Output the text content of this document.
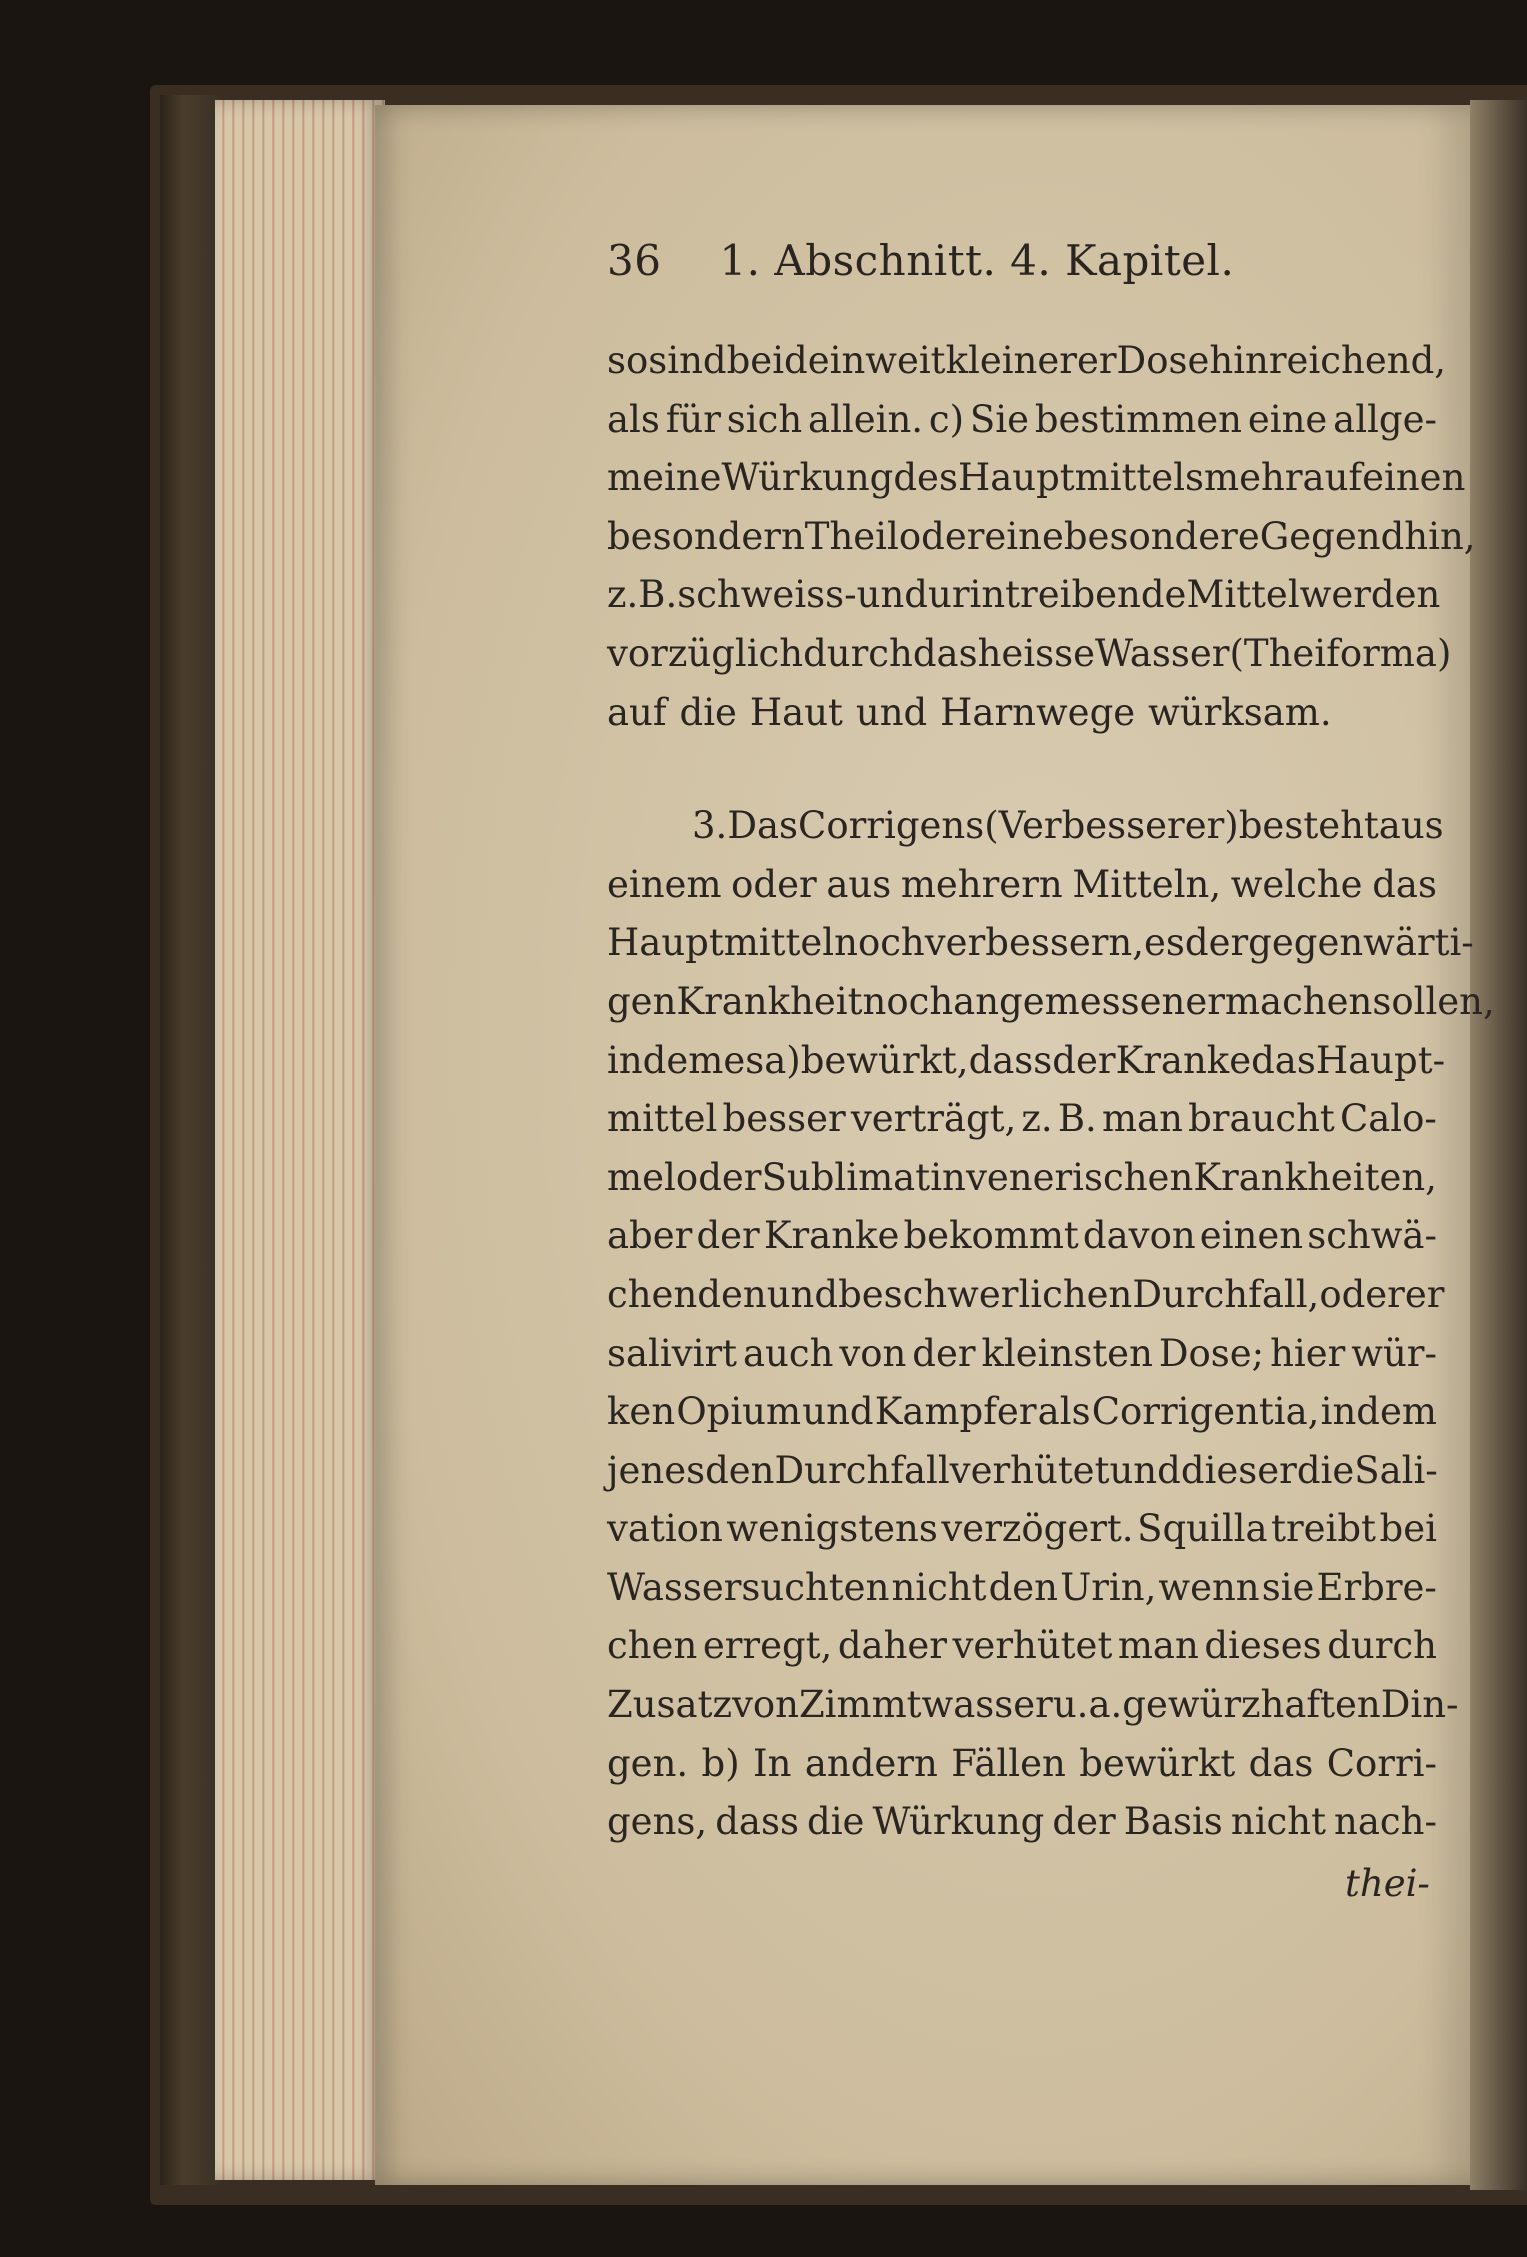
36 1. Abschnitt. 4. Kapitel.
so sind beide in weit kleinerer Dose hinreichend,
als für sich allein. c) Sie bestimmen eine allge-
meine Würkung des Hauptmittels mehr auf einen
besondern Theil oder eine besondere Gegend hin,
z. B. schweiss- und urintreibende Mittel werden
vorzüglich durch das heisse Wasser (Theiforma)
auf die Haut und Harnwege würksam.
3. Das Corrigens (Verbesserer) besteht aus
einem oder aus mehrern Mitteln, welche das
Hauptmittel noch verbessern, es der gegenwärti-
gen Krankheit noch angemessener machen sollen,
indem es a) bewürkt, dass der Kranke das Haupt-
mittel besser verträgt, z. B. man braucht Calo-
mel oder Sublimat in venerischen Krankheiten,
aber der Kranke bekommt davon einen schwä-
chenden und beschwerlichen Durchfall, oder er
salivirt auch von der kleinsten Dose; hier wür-
ken Opium und Kampfer als Corrigentia, indem
jenes den Durchfall verhütet und dieser die Sali-
vation wenigstens verzögert. Squilla treibt bei
Wassersuchten nicht den Urin, wenn sie Erbre-
chen erregt, daher verhütet man dieses durch
Zusatz von Zimmtwasser u. a. gewürzhaften Din-
gen. b) In andern Fällen bewürkt das Corri-
gens, dass die Würkung der Basis nicht nach-
thei-
